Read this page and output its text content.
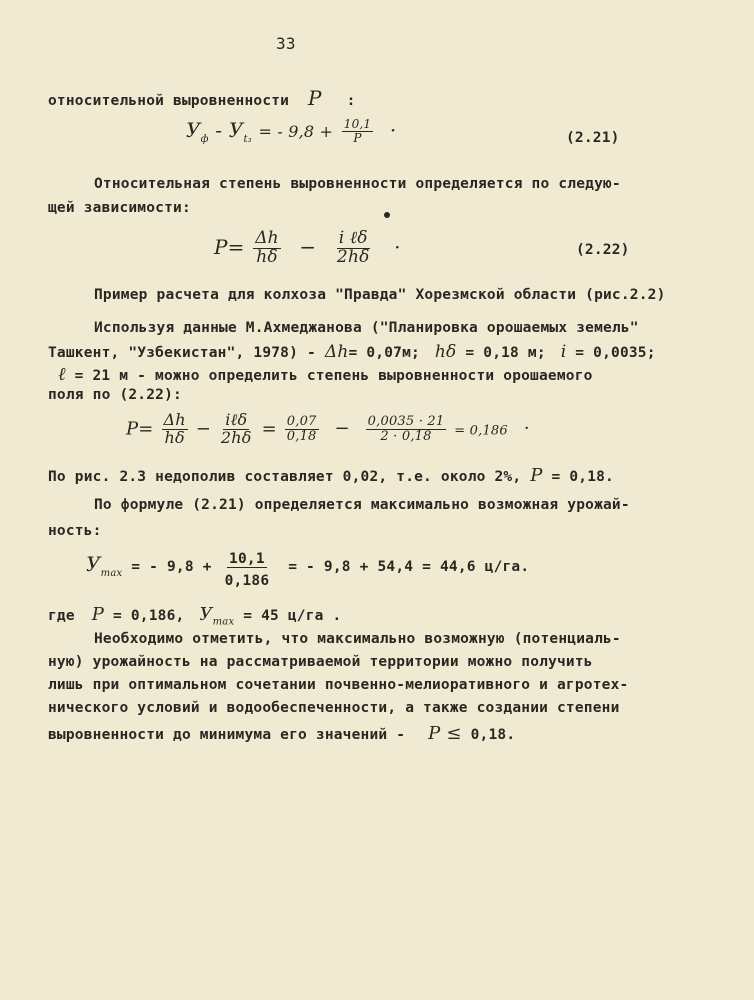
33
относительной выровненности P :
$У_ф - У_{t_3}$ = - $9,8 + \frac{10,1}{P}$ ·	(2.21)
Относительная степень выровненности определяется по следую-
щей зависимости:
$P= \frac{\Delta h}{h\delta} - \frac{\text{i ℓδ}}{2h\delta}$ ·	(2.22)
Пример расчета для колхоза "Правда" Хорезмской области (рис.2.2)
Используя данные М.Ахмеджанова ("Планировка орошаемых земель"
Ташкент, "Узбекистан", 1978) - Δh= 0,07м; hδ = 0,18 м; i = 0,0035;
ℓ = 21 м - можно определить степень выровненности орошаемого
поля по (2.22):
$P= \frac{\Delta h}{h\delta} - \frac{\text{iℓδ}}{2h\delta} = \frac{0,07}{0,18} - \frac{0,0035 \cdot 21}{2 \cdot 0,18} = 0,186$ ·
По рис. 2.3 недополив составляет 0,02, т.е. около 2%, P = 0,18.
По формуле (2.21) определяется максимально возможная урожай-
ность:
$У_{max}$ = - $9,8 + \frac{10,1}{0,186}$ = - 9,8 + 54,4 = 44,6 ц/га.
где P = 0,186, $У_{max} = 45$ ц/га .
Необходимо отметить, что максимально возможную (потенциаль-
ную) урожайность на рассматриваемой территории можно получить
лишь при оптимальном сочетании почвенно-мелиоративного и агротех-
нического условий и водообеспеченности, а также создании степени
выровненности до минимума его значений - P ≤ 0,18.
